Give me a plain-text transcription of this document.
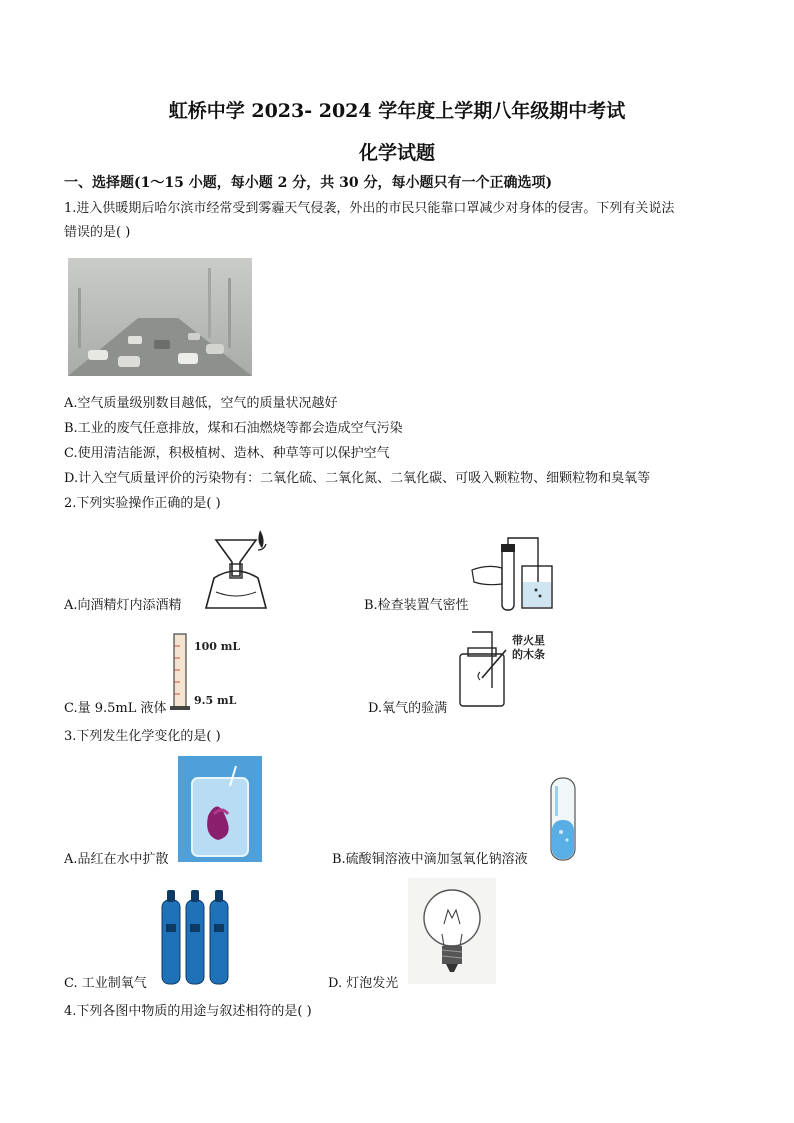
虹桥中学 2023- 2024 学年度上学期八年级期中考试
化学试题
一、选择题(1～15 小题，每小题 2 分，共 30 分，每小题只有一个正确选项)
1.进入供暖期后哈尔滨市经常受到雾霾天气侵袭，外出的市民只能靠口罩减少对身体的侵害。下列有关说法
错误的是( )
A.空气质量级别数目越低，空气的质量状况越好
B.工业的废气任意排放，煤和石油燃烧等都会造成空气污染
C.使用清洁能源，积极植树、造林、种草等可以保护空气
D.计入空气质量评价的污染物有：二氧化硫、二氧化氮、二氧化碳、可吸入颗粒物、细颗粒物和臭氧等
2.下列实验操作正确的是( )
A.向酒精灯内添酒精	B.检查装置气密性
100 mL
9.5 mL
C.量 9.5mL 液体
带火星
的木条
D.氧气的验满
3.下列发生化学变化的是( )
A.品红在水中扩散	B.硫酸铜溶液中滴加氢氧化钠溶液
C. 工业制氧气	D. 灯泡发光
4.下列各图中物质的用途与叙述相符的是( )
